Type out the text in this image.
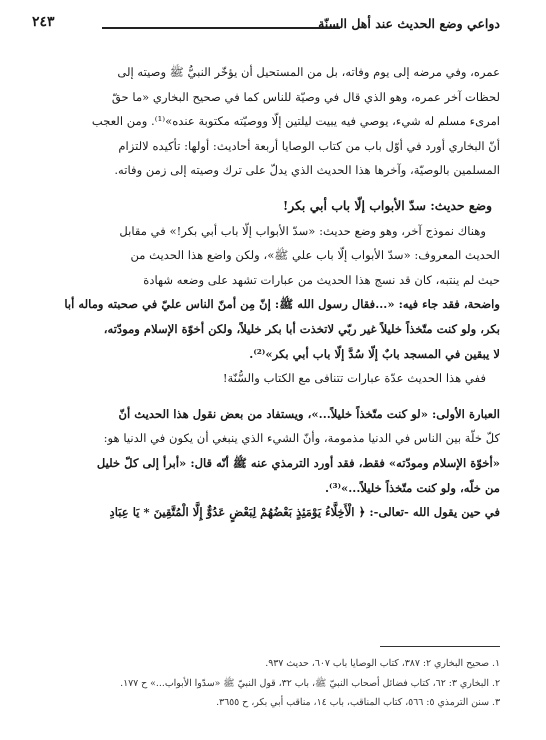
دواعي وضع الحديث عند أهل السنّة
٢٤٣

عمره، وفي مرضه إلى يوم وفاته، بل من المستحيل أن يؤخّر النبيُّ ﷺ وصيته إلى

لحظات آخر عمره، وهو الذي قال في وصيّة للناس كما في صحيح البخاري «ما حقّ

امرىء مسلم له شيء، يوصي فيه يبيت ليلتين إلّا ووصيّته مكتوبة عنده»⁽¹⁾. ومن العجب

أنّ البخاري أورد في أوّل باب من كتاب الوصايا أربعة أحاديث: أولها: تأكيده لالتزام

المسلمين بالوصيّة، وآخرها هذا الحديث الذي يدلّ على ترك وصيته إلى زمن وفاته.

وضع حديث: سدّ الأبواب إلّا باب أبي بكر!

وهناك نموذج آخر، وهو وضع حديث: «سدّ الأبواب إلّا باب أبي بكر!» في مقابل

الحديث المعروف: «سدّ الأبواب إلّا باب علي ﷺ»، ولكن واضع هذا الحديث من

حيث لم ينتبه، كان قد نسج هذا الحديث من عبارات تشهد على وضعه شهادة

واضحة، فقد جاء فيه: «...فقال رسول الله ﷺ: إنّ مِن أمنّ الناس عليّ في صحبته وماله أبا

بكر، ولو كنت متّخذاً خليلاً غير ربّي لاتخذت أبا بكر خليلاً، ولكن أخوّة الإسلام ومودّته،

لا يبقين في المسجد بابٌ إلّا سُدَّ إلّا باب أبي بكر»⁽²⁾.

ففي هذا الحديث عدّة عبارات تتنافى مع الكتاب والسُّنّة!

العبارة الأولى: «لو كنت متّخذاً خليلاً...»، ويستفاد من بعض نقول هذا الحديث أنّ

كلّ خلّة بين الناس في الدنيا مذمومة، وأنّ الشيء الذي ينبغي أن يكون في الدنيا هو:

«أخوّة الإسلام ومودّته» فقط، فقد أورد الترمذي عنه ﷺ أنّه قال: «أبرأ إلى كلّ خليل

من خلّه، ولو كنت متّخذاً خليلاً...»⁽³⁾.

في حين يقول الله -تعالى-: ﴿ الْأَخِلَّاءُ يَوْمَئِذٍ بَعْضُهُمْ لِبَعْضٍ عَدُوٌّ إِلَّا الْمُتَّقِينَ * يَا عِبَادِ

١. صحيح البخاري ٢: ٣٨٧، كتاب الوصايا باب ٦٠٧، حديث ٩٣٧.
٢. البخاري ٣: ٦٢، كتاب فضائل أصحاب النبيّ ﷺ، باب ٣٢، قول النبيّ ﷺ «سدّوا الأبواب...» ح ١٧٧.
٣. سنن الترمذي ٥: ٥٦٦، كتاب المناقب، باب ١٤، مناقب أبي بكر، ح ٣٦٥٥.
